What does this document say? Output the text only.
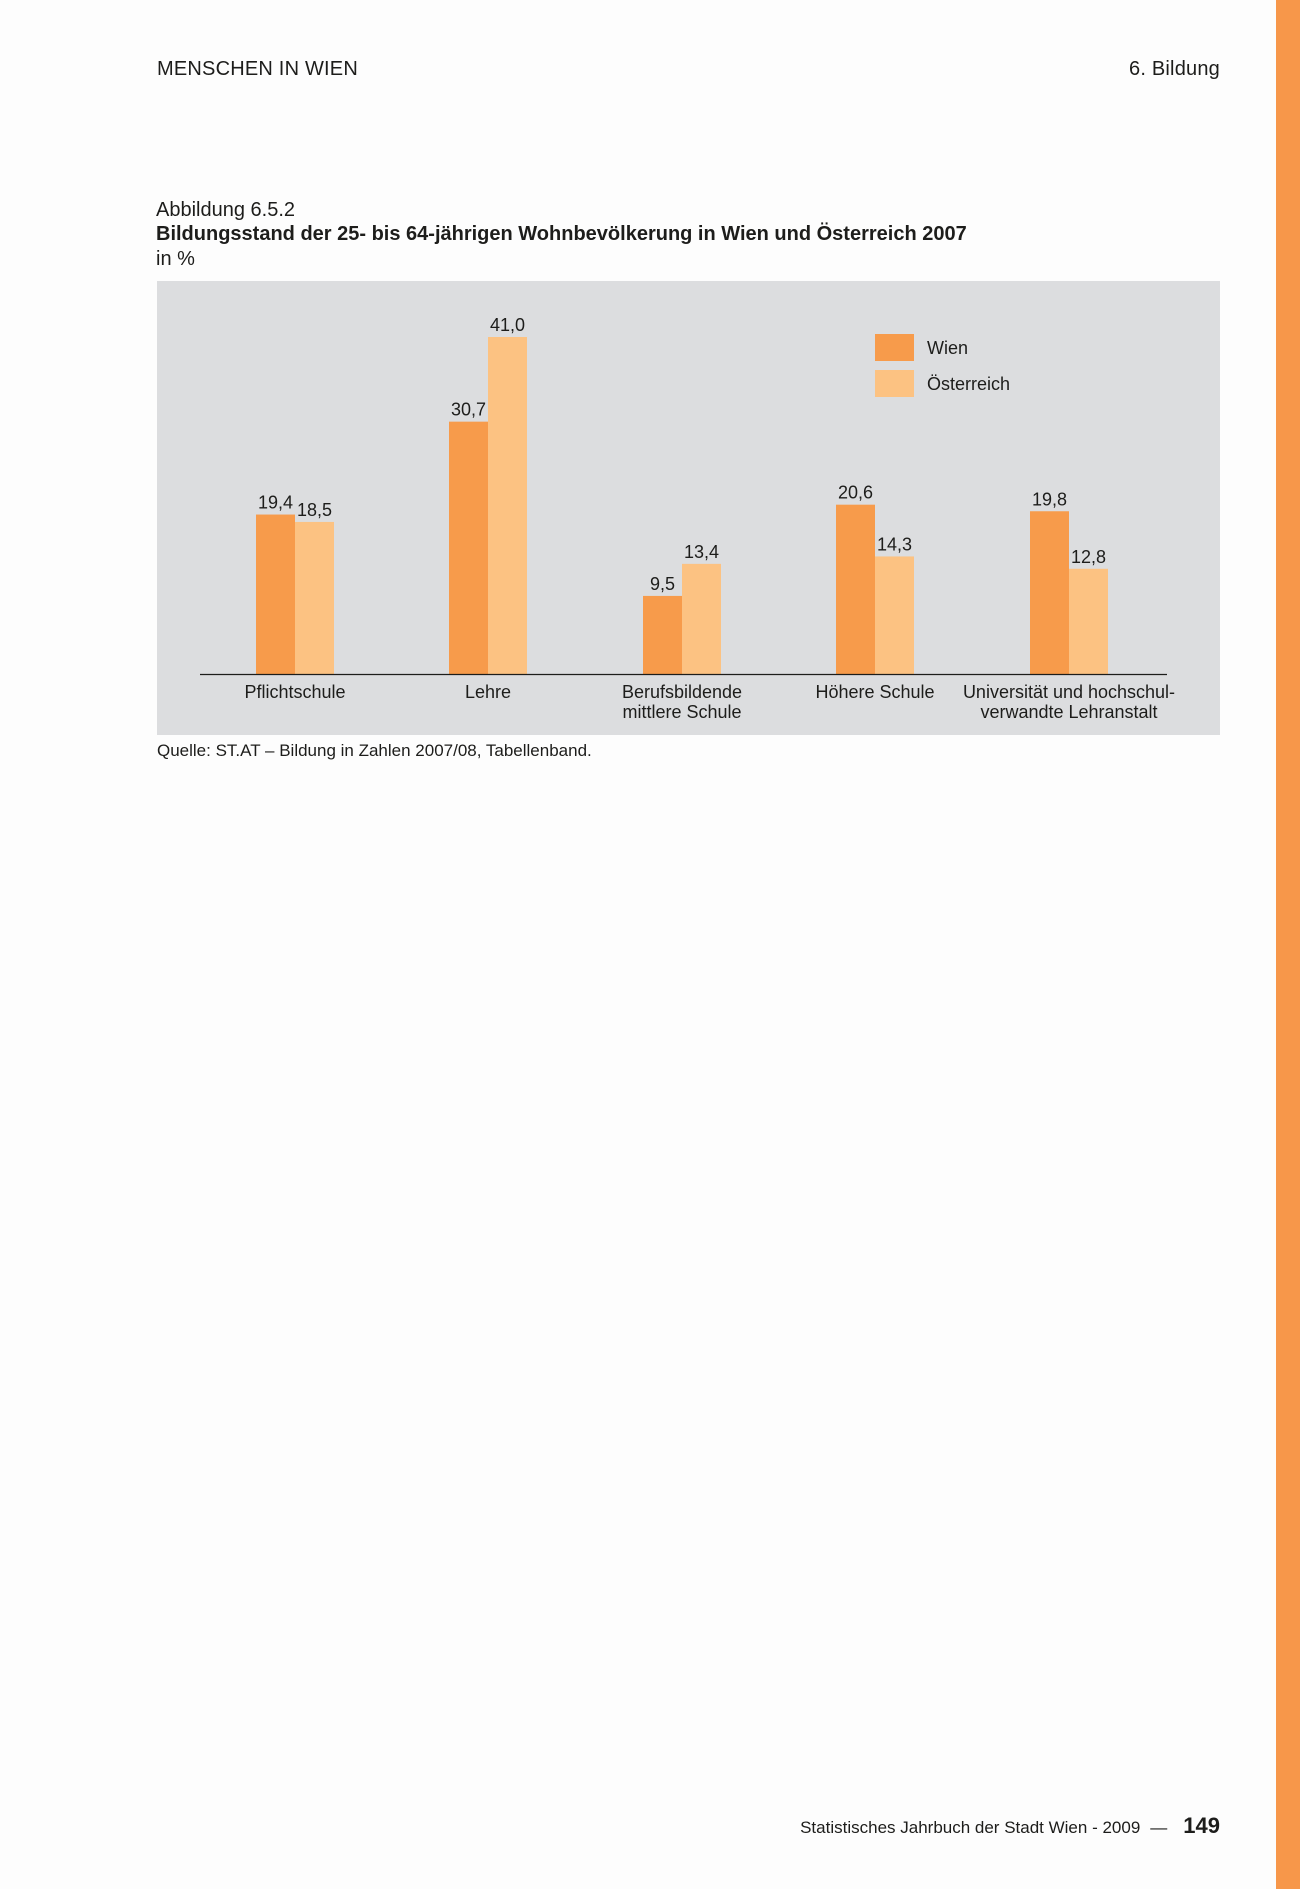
MENSCHEN IN WIEN	6. Bildung
Abbildung 6.5.2
Bildungsstand der 25- bis 64-jährigen Wohnbevölkerung in Wien und Österreich 2007
in %
19,4
30,7
9,5
20,6	19,8
18,5
41,0
13,4	14,3
12,8
Pflichtschule	Lehre	Berufsbildende
mittlere Schule
Höhere Schule Universität und hochschul-
verwandte Lehranstalt
Wien
Österreich
Quelle: ST.AT – Bildung in Zahlen 2007/08, Tabellenband.
Statistisches Jahrbuch der Stadt Wien - 2009 — 149
